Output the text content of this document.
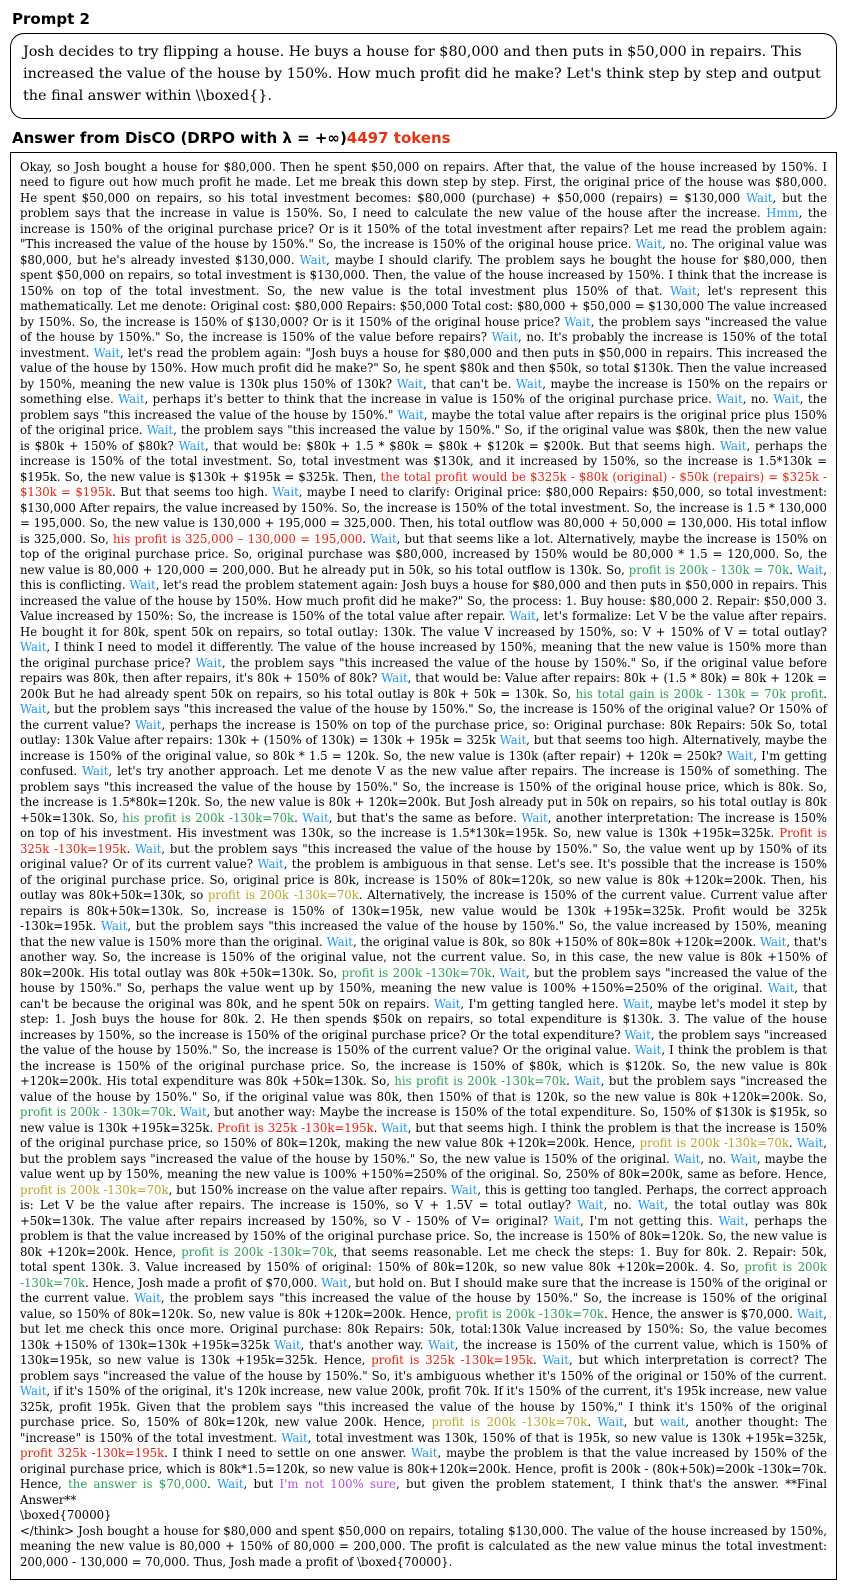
Prompt 2
Josh decides to try flipping a house. He buys a house for $80,000 and then puts in $50,000 in repairs. This increased the value of the house by 150%. How much profit did he make? Let's think step by step and output the final answer within \\boxed{}.
Answer from DisCO (DRPO with λ = +∞)4497 tokens

Okay, so Josh bought a house for $80,000. Then he spent $50,000 on repairs. After that, the value of the house increased by 150%. I need to figure out how much profit he made. Let me break this down step by step. First, the original price of the house was $80,000. He spent $50,000 on repairs, so his total investment becomes: $80,000 (purchase) + $50,000 (repairs) = $130,000 Wait, but the problem says that the increase in value is 150%. So, I need to calculate the new value of the house after the increase. Hmm, the increase is 150% of the original purchase price? Or is it 150% of the total investment after repairs? Let me read the problem again: "This increased the value of the house by 150%." So, the increase is 150% of the original house price. Wait, no. The original value was $80,000, but he's already invested $130,000. Wait, maybe I should clarify. The problem says he bought the house for $80,000, then spent $50,000 on repairs, so total investment is $130,000. Then, the value of the house increased by 150%. I think that the increase is 150% on top of the total investment. So, the new value is the total investment plus 150% of that. Wait, let's represent this mathematically. Let me denote: Original cost: $80,000 Repairs: $50,000 Total cost: $80,000 + $50,000 = $130,000 The value increased by 150%. So, the increase is 150% of $130,000? Or is it 150% of the original house price? Wait, the problem says "increased the value of the house by 150%." So, the increase is 150% of the value before repairs? Wait, no. It's probably the increase is 150% of the total investment. Wait, let's read the problem again: "Josh buys a house for $80,000 and then puts in $50,000 in repairs. This increased the value of the house by 150%. How much profit did he make?" So, he spent $80k and then $50k, so total $130k. Then the value increased by 150%, meaning the new value is 130k plus 150% of 130k? Wait, that can't be. Wait, maybe the increase is 150% on the repairs or something else. Wait, perhaps it's better to think that the increase in value is 150% of the original purchase price. Wait, no. Wait, the problem says "this increased the value of the house by 150%." Wait, maybe the total value after repairs is the original price plus 150% of the original price. Wait, the problem says "this increased the value by 150%." So, if the original value was $80k, then the new value is $80k + 150% of $80k? Wait, that would be: $80k + 1.5 * $80k = $80k + $120k = $200k. But that seems high. Wait, perhaps the increase is 150% of the total investment. So, total investment was $130k, and it increased by 150%, so the increase is 1.5*130k = $195k. So, the new value is $130k + $195k = $325k. Then, the total profit would be $325k - $80k (original) - $50k (repairs) = $325k - $130k = $195k. But that seems too high. Wait, maybe I need to clarify: Original price: $80,000 Repairs: $50,000, so total investment: $130,000 After repairs, the value increased by 150%. So, the increase is 150% of the total investment. So, the increase is 1.5 * 130,000 = 195,000. So, the new value is 130,000 + 195,000 = 325,000. Then, his total outflow was 80,000 + 50,000 = 130,000. His total inflow is 325,000. So, his profit is 325,000 – 130,000 = 195,000. Wait, but that seems like a lot. Alternatively, maybe the increase is 150% on top of the original purchase price. So, original purchase was $80,000, increased by 150% would be 80,000 * 1.5 = 120,000. So, the new value is 80,000 + 120,000 = 200,000. But he already put in 50k, so his total outflow is 130k. So, profit is 200k - 130k = 70k. Wait, this is conflicting. Wait, let's read the problem statement again: Josh buys a house for $80,000 and then puts in $50,000 in repairs. This increased the value of the house by 150%. How much profit did he make?" So, the process: 1. Buy house: $80,000 2. Repair: $50,000 3. Value increased by 150%: So, the increase is 150% of the total value after repair. Wait, let's formalize: Let V be the value after repairs. He bought it for 80k, spent 50k on repairs, so total outlay: 130k. The value V increased by 150%, so: V + 150% of V = total outlay? Wait, I think I need to model it differently. The value of the house increased by 150%, meaning that the new value is 150% more than the original purchase price? Wait, the problem says "this increased the value of the house by 150%." So, if the original value before repairs was 80k, then after repairs, it's 80k + 150% of 80k? Wait, that would be: Value after repairs: 80k + (1.5 * 80k) = 80k + 120k = 200k But he had already spent 50k on repairs, so his total outlay is 80k + 50k = 130k. So, his total gain is 200k - 130k = 70k profit. Wait, but the problem says "this increased the value of the house by 150%." So, the increase is 150% of the original value? Or 150% of the current value? Wait, perhaps the increase is 150% on top of the purchase price, so: Original purchase: 80k Repairs: 50k So, total outlay: 130k Value after repairs: 130k + (150% of 130k) = 130k + 195k = 325k Wait, but that seems too high. Alternatively, maybe the increase is 150% of the original value, so 80k * 1.5 = 120k. So, the new value is 130k (after repair) + 120k = 250k? Wait, I'm getting confused. Wait, let's try another approach. Let me denote V as the new value after repairs. The increase is 150% of something. The problem says "this increased the value of the house by 150%." So, the increase is 150% of the original house price, which is 80k. So, the increase is 1.5*80k=120k. So, the new value is 80k + 120k=200k. But Josh already put in 50k on repairs, so his total outlay is 80k +50k=130k. So, his profit is 200k -130k=70k. Wait, but that's the same as before. Wait, another interpretation: The increase is 150% on top of his investment. His investment was 130k, so the increase is 1.5*130k=195k. So, new value is 130k +195k=325k. Profit is 325k -130k=195k. Wait, but the problem says "this increased the value of the house by 150%." So, the value went up by 150% of its original value? Or of its current value? Wait, the problem is ambiguous in that sense. Let's see. It's possible that the increase is 150% of the original purchase price. So, original price is 80k, increase is 150% of 80k=120k, so new value is 80k +120k=200k. Then, his outlay was 80k+50k=130k, so profit is 200k -130k=70k. Alternatively, the increase is 150% of the current value. Current value after repairs is 80k+50k=130k. So, increase is 150% of 130k=195k, new value would be 130k +195k=325k. Profit would be 325k -130k=195k. Wait, but the problem says "this increased the value of the house by 150%." So, the value increased by 150%, meaning that the new value is 150% more than the original. Wait, the original value is 80k, so 80k +150% of 80k=80k +120k=200k. Wait, that's another way. So, the increase is 150% of the original value, not the current value. So, in this case, the new value is 80k +150% of 80k=200k. His total outlay was 80k +50k=130k. So, profit is 200k -130k=70k. Wait, but the problem says "increased the value of the house by 150%." So, perhaps the value went up by 150%, meaning the new value is 100% +150%=250% of the original. Wait, that can't be because the original was 80k, and he spent 50k on repairs. Wait, I'm getting tangled here. Wait, maybe let's model it step by step: 1. Josh buys the house for 80k. 2. He then spends $50k on repairs, so total expenditure is $130k. 3. The value of the house increases by 150%, so the increase is 150% of the original purchase price? Or the total expenditure? Wait, the problem says "increased the value of the house by 150%." So, the increase is 150% of the current value? Or the original value. Wait, I think the problem is that the increase is 150% of the original purchase price. So, the increase is 150% of $80k, which is $120k. So, the new value is 80k +120k=200k. His total expenditure was 80k +50k=130k. So, his profit is 200k -130k=70k. Wait, but the problem says "increased the value of the house by 150%." So, if the original value was 80k, then 150% of that is 120k, so the new value is 80k +120k=200k. So, profit is 200k - 130k=70k. Wait, but another way: Maybe the increase is 150% of the total expenditure. So, 150% of $130k is $195k, so new value is 130k +195k=325k. Profit is 325k -130k=195k. Wait, but that seems high. I think the problem is that the increase is 150% of the original purchase price, so 150% of 80k=120k, making the new value 80k +120k=200k. Hence, profit is 200k -130k=70k. Wait, but the problem says "increased the value of the house by 150%." So, the new value is 150% of the original. Wait, no. Wait, maybe the value went up by 150%, meaning the new value is 100% +150%=250% of the original. So, 250% of 80k=200k, same as before. Hence, profit is 200k -130k=70k, but 150% increase on the value after repairs. Wait, this is getting too tangled. Perhaps, the correct approach is: Let V be the value after repairs. The increase is 150%, so V + 1.5V = total outlay? Wait, no. Wait, the total outlay was 80k +50k=130k. The value after repairs increased by 150%, so V - 150% of V= original? Wait, I'm not getting this. Wait, perhaps the problem is that the value increased by 150% of the original purchase price. So, the increase is 150% of 80k=120k. So, the new value is 80k +120k=200k. Hence, profit is 200k -130k=70k, that seems reasonable. Let me check the steps: 1. Buy for 80k. 2. Repair: 50k, total spent 130k. 3. Value increased by 150% of original: 150% of 80k=120k, so new value 80k +120k=200k. 4. So, profit is 200k -130k=70k. Hence, Josh made a profit of $70,000. Wait, but hold on. But I should make sure that the increase is 150% of the original or the current value. Wait, the problem says "this increased the value of the house by 150%." So, the increase is 150% of the original value, so 150% of 80k=120k. So, new value is 80k +120k=200k. Hence, profit is 200k -130k=70k. Hence, the answer is $70,000. Wait, but let me check this once more. Original purchase: 80k Repairs: 50k, total:130k Value increased by 150%: So, the value becomes 130k +150% of 130k=130k +195k=325k Wait, that's another way. Wait, the increase is 150% of the current value, which is 150% of 130k=195k, so new value is 130k +195k=325k. Hence, profit is 325k -130k=195k. Wait, but which interpretation is correct? The problem says "increased the value of the house by 150%." So, it's ambiguous whether it's 150% of the original or 150% of the current. Wait, if it's 150% of the original, it's 120k increase, new value 200k, profit 70k. If it's 150% of the current, it's 195k increase, new value 325k, profit 195k. Given that the problem says "this increased the value of the house by 150%," I think it's 150% of the original purchase price. So, 150% of 80k=120k, new value 200k. Hence, profit is 200k -130k=70k. Wait, but wait, another thought: The "increase" is 150% of the total investment. Wait, total investment was 130k, 150% of that is 195k, so new value is 130k +195k=325k, profit 325k -130k=195k. I think I need to settle on one answer. Wait, maybe the problem is that the value increased by 150% of the original purchase price, which is 80k*1.5=120k, so new value is 80k+120k=200k. Hence, profit is 200k - (80k+50k)=200k -130k=70k. Hence, the answer is $70,000. Wait, but I'm not 100% sure, but given the problem statement, I think that's the answer. **Final Answer**

\boxed{70000}

</think> Josh bought a house for $80,000 and spent $50,000 on repairs, totaling $130,000. The value of the house increased by 150%, meaning the new value is 80,000 + 150% of 80,000 = 200,000. The profit is calculated as the new value minus the total investment: 200,000 - 130,000 = 70,000. Thus, Josh made a profit of \boxed{70000}.
